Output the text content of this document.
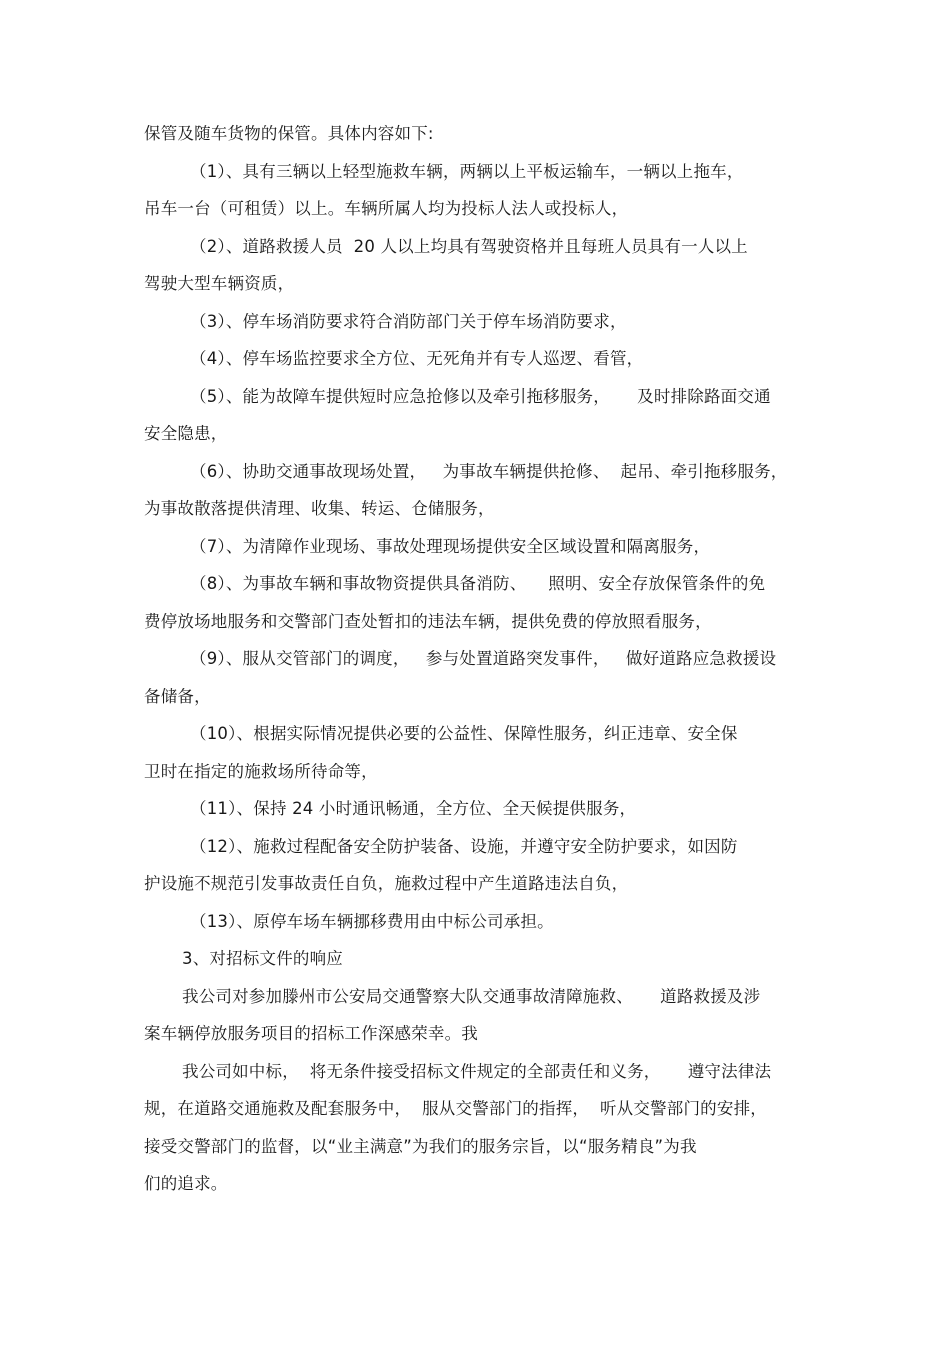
保管及随车货物的保管。具体内容如下:
（1）、具有三辆以上轻型施救车辆，两辆以上平板运输车，一辆以上拖车，
吊车一台（可租赁）以上。车辆所属人均为投标人法人或投标人，
（2）、道路救援人员  20 人以上均具有驾驶资格并且每班人员具有一人以上
驾驶大型车辆资质，
（3）、停车场消防要求符合消防部门关于停车场消防要求，
（4）、停车场监控要求全方位、无死角并有专人巡逻、看管，
（5）、能为故障车提供短时应急抢修以及牵引拖移服务，     及时排除路面交通
安全隐患，
（6）、协助交通事故现场处置，   为事故车辆提供抢修、  起吊、牵引拖移服务，
为事故散落提供清理、收集、转运、仓储服务，
（7）、为清障作业现场、事故处理现场提供安全区域设置和隔离服务，
（8）、为事故车辆和事故物资提供具备消防、    照明、安全存放保管条件的免
费停放场地服务和交警部门查处暂扣的违法车辆，提供免费的停放照看服务，
（9）、服从交管部门的调度，   参与处置道路突发事件，   做好道路应急救援设
备储备，
（10）、根据实际情况提供必要的公益性、保障性服务，纠正违章、安全保
卫时在指定的施救场所待命等，
（11）、保持 24 小时通讯畅通，全方位、全天候提供服务，
（12）、施救过程配备安全防护装备、设施，并遵守安全防护要求，如因防
护设施不规范引发事故责任自负，施救过程中产生道路违法自负，
（13）、原停车场车辆挪移费用由中标公司承担。
3、对招标文件的响应
我公司对参加滕州市公安局交通警察大队交通事故清障施救、     道路救援及涉
案车辆停放服务项目的招标工作深感荣幸。我
我公司如中标，  将无条件接受招标文件规定的全部责任和义务，     遵守法律法
规，在道路交通施救及配套服务中，  服从交警部门的指挥，  听从交警部门的安排，
接受交警部门的监督，以“业主满意”为我们的服务宗旨，以“服务精良”为我
们的追求。
